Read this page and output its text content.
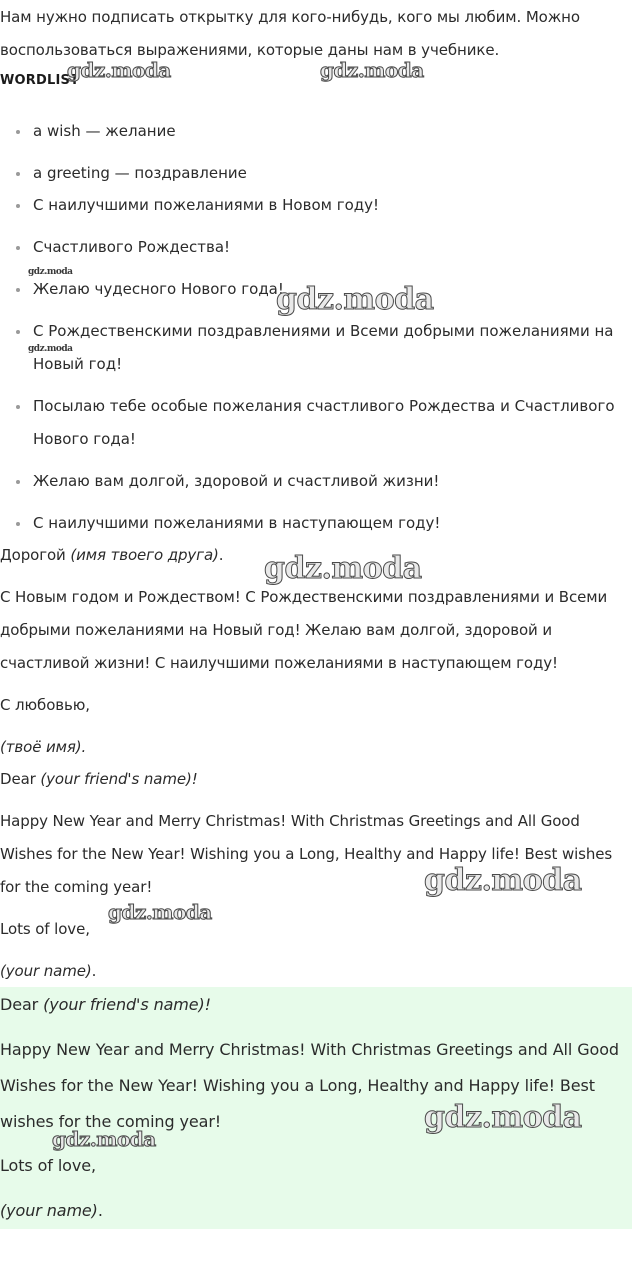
Нам нужно подписать открытку для кого-нибудь, кого мы любим. Можно

воспользоваться выражениями, которые даны нам в учебнике.

WORDLIST
a wish — желание
a greeting — поздравление
С наилучшими пожеланиями в Новом году!
Счастливого Рождества!
Желаю чудесного Нового года!
С Рождественскими поздравлениями и Всеми добрыми пожеланиями на
Новый год!
Посылаю тебе особые пожелания счастливого Рождества и Счастливого
Нового года!
Желаю вам долгой, здоровой и счастливой жизни!
С наилучшими пожеланиями в наступающем году!

Дорогой (имя твоего друга).

С Новым годом и Рождеством! С Рождественскими поздравлениями и Всеми

добрыми пожеланиями на Новый год! Желаю вам долгой, здоровой и

счастливой жизни! С наилучшими пожеланиями в наступающем году!

С любовью,

(твоё имя).

Dear (your friend's name)!

Happy New Year and Merry Christmas! With Christmas Greetings and All Good

Wishes for the New Year! Wishing you a Long, Healthy and Happy life! Best wishes

for the coming year!

Lots of love,

(your name).

Dear (your friend's name)!

Happy New Year and Merry Christmas! With Christmas Greetings and All Good

Wishes for the New Year! Wishing you a Long, Healthy and Happy life! Best

wishes for the coming year!

Lots of love,

(your name).

gdz.moda	gdz.moda
gdz.moda
gdz.moda
gdz.moda
gdz.moda
gdz.moda
gdz.moda
gdz.moda
gdz.moda
